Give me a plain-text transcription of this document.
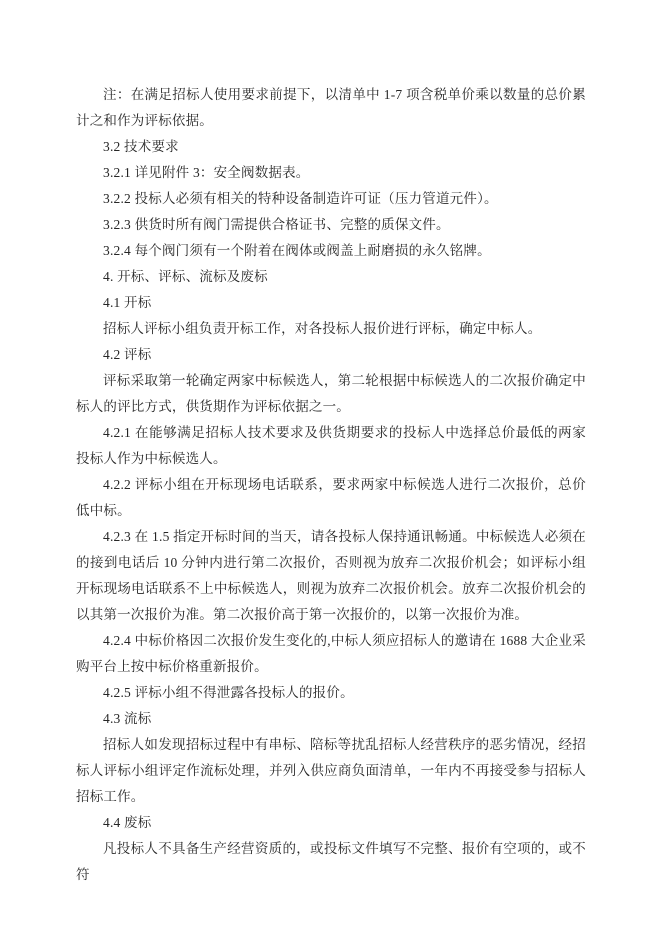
注：在满足招标人使用要求前提下，以清单中 1-7 项含税单价乘以数量的总价累计之和作为评标依据。

3.2 技术要求

3.2.1 详见附件 3：安全阀数据表。

3.2.2 投标人必须有相关的特种设备制造许可证（压力管道元件）。

3.2.3 供货时所有阀门需提供合格证书、完整的质保文件。

3.2.4 每个阀门须有一个附着在阀体或阀盖上耐磨损的永久铭牌。

4. 开标、评标、流标及废标

4.1 开标

招标人评标小组负责开标工作，对各投标人报价进行评标，确定中标人。

4.2 评标

评标采取第一轮确定两家中标候选人，第二轮根据中标候选人的二次报价确定中标人的评比方式，供货期作为评标依据之一。

4.2.1 在能够满足招标人技术要求及供货期要求的投标人中选择总价最低的两家投标人作为中标候选人。

4.2.2 评标小组在开标现场电话联系，要求两家中标候选人进行二次报价，总价低中标。

4.2.3 在 1.5 指定开标时间的当天，请各投标人保持通讯畅通。中标候选人必须在的接到电话后 10 分钟内进行第二次报价，否则视为放弃二次报价机会；如评标小组开标现场电话联系不上中标候选人，则视为放弃二次报价机会。放弃二次报价机会的以其第一次报价为准。第二次报价高于第一次报价的，以第一次报价为准。

4.2.4 中标价格因二次报价发生变化的,中标人须应招标人的邀请在 1688 大企业采购平台上按中标价格重新报价。

4.2.5 评标小组不得泄露各投标人的报价。

4.3 流标

招标人如发现招标过程中有串标、陪标等扰乱招标人经营秩序的恶劣情况，经招标人评标小组评定作流标处理，并列入供应商负面清单，一年内不再接受参与招标人招标工作。

4.4 废标

凡投标人不具备生产经营资质的，或投标文件填写不完整、报价有空项的，或不符
